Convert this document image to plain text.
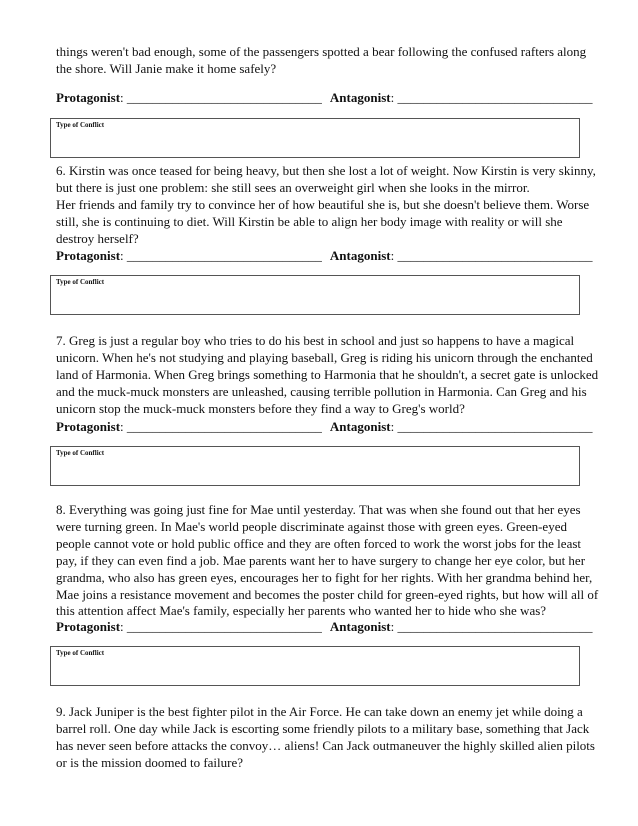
things weren't bad enough, some of the passengers spotted a bear following the confused rafters along
the shore. Will Janie make it home safely?

Protagonist: ______________________________ Antagonist: ______________________________
Type of Conflict

6. Kirstin was once teased for being heavy, but then she lost a lot of weight. Now Kirstin is very skinny,
but there is just one problem: she still sees an overweight girl when she looks in the mirror.
Her friends and family try to convince her of how beautiful she is, but she doesn't believe them. Worse
still, she is continuing to diet. Will Kirstin be able to align her body image with reality or will she
destroy herself?

Protagonist: ______________________________ Antagonist: ______________________________
Type of Conflict

7. Greg is just a regular boy who tries to do his best in school and just so happens to have a magical
unicorn. When he's not studying and playing baseball, Greg is riding his unicorn through the enchanted
land of Harmonia. When Greg brings something to Harmonia that he shouldn't, a secret gate is unlocked
and the muck-muck monsters are unleashed, causing terrible pollution in Harmonia. Can Greg and his
unicorn stop the muck-muck monsters before they find a way to Greg's world?

Protagonist: ______________________________ Antagonist: ______________________________
Type of Conflict

8. Everything was going just fine for Mae until yesterday. That was when she found out that her eyes
were turning green. In Mae's world people discriminate against those with green eyes. Green-eyed
people cannot vote or hold public office and they are often forced to work the worst jobs for the least
pay, if they can even find a job. Mae parents want her to have surgery to change her eye color, but her
grandma, who also has green eyes, encourages her to fight for her rights. With her grandma behind her,
Mae joins a resistance movement and becomes the poster child for green-eyed rights, but how will all of
this attention affect Mae's family, especially her parents who wanted her to hide who she was?

Protagonist: ______________________________ Antagonist: ______________________________
Type of Conflict

9. Jack Juniper is the best fighter pilot in the Air Force. He can take down an enemy jet while doing a
barrel roll. One day while Jack is escorting some friendly pilots to a military base, something that Jack
has never seen before attacks the convoy… aliens! Can Jack outmaneuver the highly skilled alien pilots
or is the mission doomed to failure?
